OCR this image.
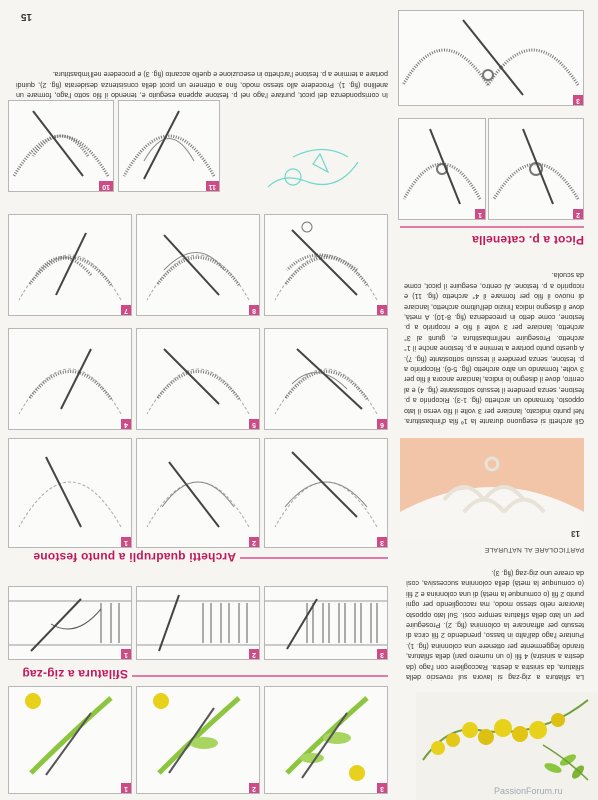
15
3
2
1
La sfilatura a zig-zag si lavora sul rovescio della sfilatura, da sinistra a destra. Raccogliere con l'ago (da destra a sinistra) 4 fili (o un numero pari) della sfilatura, tirando leggermente per ottenere una colonnina (fig. 1). Puntare l'ago dall'alto in basso, prendendo 2 fili circa di tessuto per affrancare la colonnina (fig. 2). Proseguire per un lato della sfilatura sempre così. Sul lato opposto lavorare nello stesso modo, ma raccogliendo per ogni punto 2 fili (o comunque la metà) di una colonnina e 2 fili (o comunque la metà) della colonnina successiva, così da creare uno zig-zag (fig. 3).
Sfilatura a zig-zag
3
2
1
PARTICOLARE AL NATURALE
Archetti quadrupli a punto festone
13
3
2
1
Gli archetti si eseguono durante la 1ª fila d'imbastitura. Nel punto indicato, lanciare per 3 volte il filo verso il lato opposto, formando un archetto (fig. 1-3). Ricoprirlo a p. festone, senza prendere il tessuto sottostante (fig. 4) e al centro, dove il disegno lo indica, lanciare ancora il filo per 3 volte, formando un altro archetto (fig. 5-6). Ricoprirlo a p. festone, senza prendere il tessuto sottostante (fig. 7). A questo punto portare a termine a p. festone anche il 1° archetto. Proseguire nell'imbastitura e, giunti al 3° archetto, lanciare per 3 volte il filo e ricoprirlo a p. festone, come detto in precedenza (fig. 8-10). A metà, dove il disegno indica l'inizio dell'ultimo archetto, lanciare di nuovo il filo per formare il 4° archetto (fig. 11) e ricoprirlo a p. festone. Al centro, eseguire il picot, come da scuola.
6
5
4
9
8
7
Picot a p. catenella
2
1
11
10
3
In corrispondenza del picot, puntare l'ago nel p. festone appena eseguito e, tenendo il filo sotto l'ago, formare un anellino (fig. 1). Procedere allo stesso modo, fino a ottenere un picot della consistenza desiderata (fig. 2), quindi portare a termine a p. festone l'archetto in esecuzione e quello accanto (fig. 3) e procedere nell'imbastitura.
PassionForum.ru
